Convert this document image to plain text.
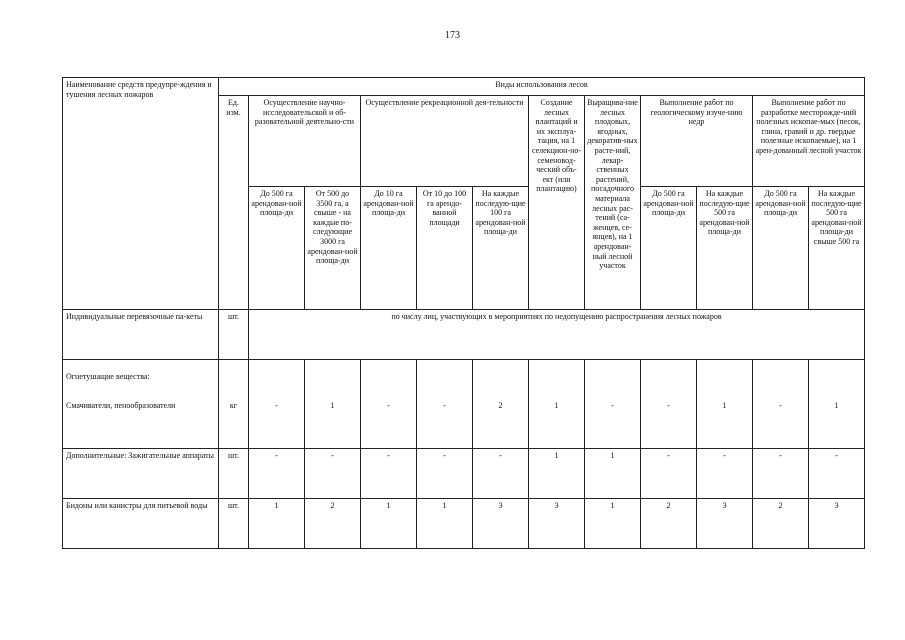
173
Наименование средств предупре-ждения и тушения лесных пожаров	Виды использования лесов											
	Ед. изм.	Осуществление научно-исследовательской и об-разовательной деятельно-сти		Осуществление рекреационной дея-тельности			Создание лесных плантаций и их эксплуа-тация, на 1 селекцион-но-семеновод-ческий объ-ект (или плантацию)	Выращива-ние лесных плодовых, ягодных, декоратив-ных расте-ний, лекар-ственных растений, посадочного материала лесных рас-тений (са-женцев, се-янцев), на 1 арендован-ный лесной участок	Выполнение работ по геологическому изуче-нию недр		Выполнение работ по разработке месторожде-ний полезных ископае-мых (песок, глина, гравий и др. твердые полезные ископаемые), на 1 арен-дованный лесной участок	
		До 500 га арендован-ной площа-ди	От 500 до 3500 га, а свыше - на каждые по-следующие 3000 га арендован-ной площа-ди	До 10 га арендован-ной площа-ди	От 10 до 100 га арендо-ванной площади	На каждые последую-щие 100 га арендован-ной площа-ди			До 500 га арендован-ной площа-ди	На каждые последую-щие 500 га арендован-ной площа-ди	До 500 га арендован-ной площа-ди	На каждые последую-щие 500 га арендован-ной площа-ди свыше 500 га
Индивидуальные перевязочные па-кеты	шт.	по числу лиц, участвующих в мероприятиях по недопущению распространения лесных пожаров										

Огнетушащие вещества:
Смачиватели, пенообразователи	кг	-	1	-	-	2	1	-	-	1	-	1
Дополнительные: Зажигательные аппараты	шт.	-	-	-	-	-	1	1	-	-	-	-
Бидоны или канистры для питьевой воды	шт.	1	2	1	1	3	3	1	2	3	2	3
